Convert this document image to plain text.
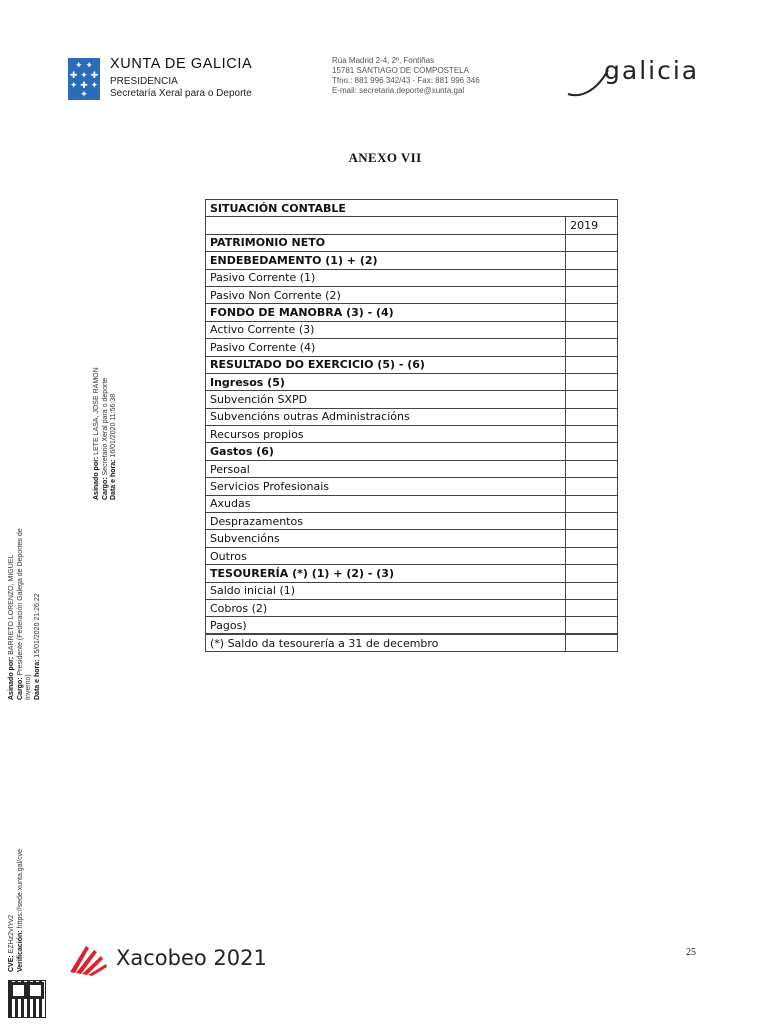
✦ ✦
✚ ✦ ✚
✦ ✚ ✦
✦
XUNTA DE GALICIA
PRESIDENCIA
Secretaría Xeral para o Deporte
Rúa Madrid 2-4, 2º, Fontiñas
15781 SANTIAGO DE COMPOSTELA
Tfno.: 881 996 342/43 - Fax: 881 996 346
E-mail: secretaria.deporte@xunta.gal
galicia
ANEXO VII
SITUACIÓN CONTABLE	
	2019
PATRIMONIO NETO	
ENDEBEDAMENTO (1) + (2)	
Pasivo Corrente (1)	
Pasivo Non Corrente (2)	
FONDO DE MANOBRA (3) - (4)	
Activo Corrente (3)	
Pasivo Corrente (4)	
RESULTADO DO EXERCICIO (5) - (6)	
Ingresos (5)	
Subvención SXPD	
Subvencións outras Administracións	
Recursos propios	
Gastos (6)	
Persoal	
Servicios Profesionais	
Axudas	
Desprazamentos	
Subvencións	
Outros	
TESOURERÍA (*) (1) + (2) - (3)	
Saldo inicial (1)	
Cobros (2)	
Pagos)	
(*) Saldo da tesourería a 31 de decembro	
Asinado por: LETE LASA, JOSE RAMON
Cargo: Secretario Xeral para o deporte
Data e hora: 16/01/2020 11:56:38
Asinado por: BARRETO LORENZO, MIGUEL
Cargo: Presidente (Federación Galega de Deportes de
Inverno) Data e hora: 15/01/2020 21:26:22
CVE: EZHz2vIYv2 Verificación: https://sede.xunta.gal/cve
Xacobeo 2021	25
